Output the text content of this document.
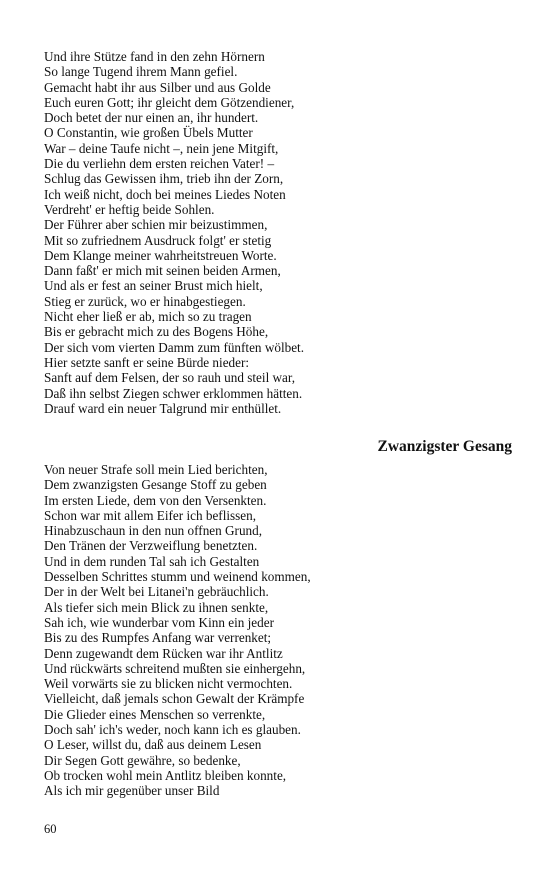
Und ihre Stütze fand in den zehn Hörnern
So lange Tugend ihrem Mann gefiel.
Gemacht habt ihr aus Silber und aus Golde
Euch euren Gott; ihr gleicht dem Götzendiener,
Doch betet der nur einen an, ihr hundert.
O Constantin, wie großen Übels Mutter
War – deine Taufe nicht –, nein jene Mitgift,
Die du verliehn dem ersten reichen Vater! –
Schlug das Gewissen ihm, trieb ihn der Zorn,
Ich weiß nicht, doch bei meines Liedes Noten
Verdreht' er heftig beide Sohlen.
Der Führer aber schien mir beizustimmen,
Mit so zufriednem Ausdruck folgt' er stetig
Dem Klange meiner wahrheitstreuen Worte.
Dann faßt' er mich mit seinen beiden Armen,
Und als er fest an seiner Brust mich hielt,
Stieg er zurück, wo er hinabgestiegen.
Nicht eher ließ er ab, mich so zu tragen
Bis er gebracht mich zu des Bogens Höhe,
Der sich vom vierten Damm zum fünften wölbet.
Hier setzte sanft er seine Bürde nieder:
Sanft auf dem Felsen, der so rauh und steil war,
Daß ihn selbst Ziegen schwer erklommen hätten.
Drauf ward ein neuer Talgrund mir enthüllet.
Zwanzigster Gesang
Von neuer Strafe soll mein Lied berichten,
Dem zwanzigsten Gesange Stoff zu geben
Im ersten Liede, dem von den Versenkten.
Schon war mit allem Eifer ich beflissen,
Hinabzuschaun in den nun offnen Grund,
Den Tränen der Verzweiflung benetzten.
Und in dem runden Tal sah ich Gestalten
Desselben Schrittes stumm und weinend kommen,
Der in der Welt bei Litanei'n gebräuchlich.
Als tiefer sich mein Blick zu ihnen senkte,
Sah ich, wie wunderbar vom Kinn ein jeder
Bis zu des Rumpfes Anfang war verrenket;
Denn zugewandt dem Rücken war ihr Antlitz
Und rückwärts schreitend mußten sie einhergehn,
Weil vorwärts sie zu blicken nicht vermochten.
Vielleicht, daß jemals schon Gewalt der Krämpfe
Die Glieder eines Menschen so verrenkte,
Doch sah' ich's weder, noch kann ich es glauben.
O Leser, willst du, daß aus deinem Lesen
Dir Segen Gott gewähre, so bedenke,
Ob trocken wohl mein Antlitz bleiben konnte,
Als ich mir gegenüber unser Bild
60
